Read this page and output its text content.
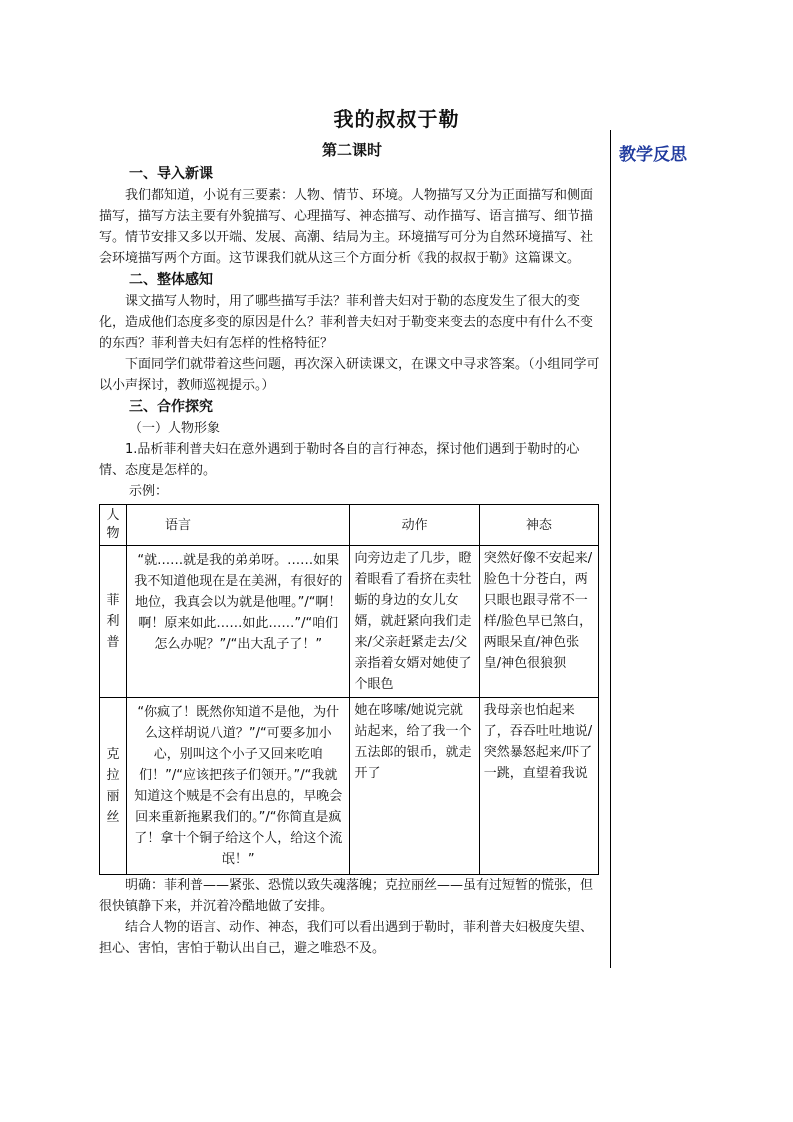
我的叔叔于勒
教学反思
第二课时
一、导入新课

我们都知道，小说有三要素：人物、情节、环境。人物描写又分为正面描写和侧面描写，描写方法主要有外貌描写、心理描写、神态描写、动作描写、语言描写、细节描写。情节安排又多以开端、发展、高潮、结局为主。环境描写可分为自然环境描写、社会环境描写两个方面。这节课我们就从这三个方面分析《我的叔叔于勒》这篇课文。

二、整体感知

课文描写人物时，用了哪些描写手法？菲利普夫妇对于勒的态度发生了很大的变化，造成他们态度多变的原因是什么？菲利普夫妇对于勒变来变去的态度中有什么不变的东西？菲利普夫妇有怎样的性格特征？

下面同学们就带着这些问题，再次深入研读课文，在课文中寻求答案。（小组同学可以小声探讨，教师巡视提示。）

三、合作探究
（一）人物形象

1.品析菲利普夫妇在意外遇到于勒时各自的言行神态，探讨他们遇到于勒时的心情、态度是怎样的。

示例：
人物	语言	动作	神态
菲利普	“就……就是我的弟弟呀。……如果我不知道他现在是在美洲，有很好的地位，我真会以为就是他哩。”/“啊！啊！原来如此……如此……”/“咱们怎么办呢？”/“出大乱子了！”	向旁边走了几步，瞪着眼看了看挤在卖牡蛎的身边的女儿女婿，就赶紧向我们走来/父亲赶紧走去/父亲指着女婿对她使了个眼色	突然好像不安起来/脸色十分苍白，两只眼也跟寻常不一样/脸色早已煞白，两眼呆直/神色张皇/神色很狼狈
克拉丽丝	“你疯了！既然你知道不是他，为什么这样胡说八道？”/“可要多加小心，别叫这个小子又回来吃咱们！”/“应该把孩子们领开。”/“我就知道这个贼是不会有出息的，早晚会回来重新拖累我们的。”/“你简直是疯了！拿十个铜子给这个人，给这个流氓！”	她在哆嗦/她说完就站起来，给了我一个五法郎的银币，就走开了	我母亲也怕起来了，吞吞吐吐地说/突然暴怒起来/吓了一跳，直望着我说

明确：菲利普——紧张、恐慌以致失魂落魄；克拉丽丝——虽有过短暂的慌张，但很快镇静下来，并沉着冷酷地做了安排。

结合人物的语言、动作、神态，我们可以看出遇到于勒时，菲利普夫妇极度失望、担心、害怕，害怕于勒认出自己，避之唯恐不及。
